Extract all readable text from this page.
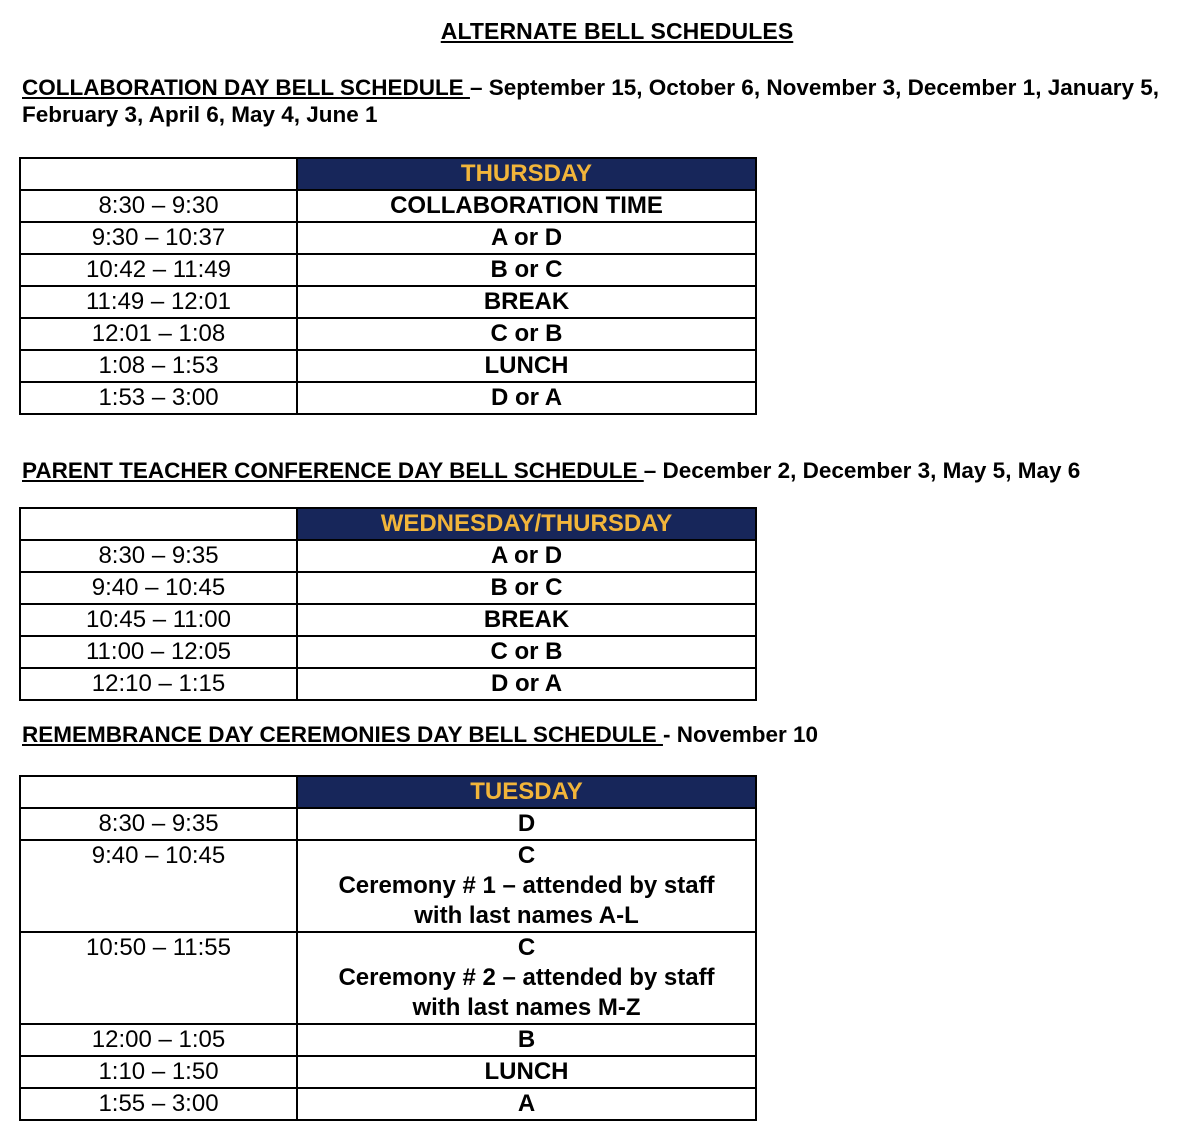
ALTERNATE BELL SCHEDULES
COLLABORATION DAY BELL SCHEDULE – September 15, October 6, November 3, December 1, January 5, February 3, April 6, May 4, June 1
	THURSDAY
8:30 – 9:30	COLLABORATION TIME
9:30 – 10:37	A or D
10:42 – 11:49	B or C
11:49 – 12:01	BREAK
12:01 – 1:08	C or B
1:08 – 1:53	LUNCH
1:53 – 3:00	D or A
PARENT TEACHER CONFERENCE DAY BELL SCHEDULE – December 2, December 3, May 5, May 6
	WEDNESDAY/THURSDAY
8:30 – 9:35	A or D
9:40 – 10:45	B or C
10:45 – 11:00	BREAK
11:00 – 12:05	C or B
12:10 – 1:15	D or A
REMEMBRANCE DAY CEREMONIES DAY BELL SCHEDULE - November 10
	TUESDAY
8:30 – 9:35	D
9:40 – 10:45	C
Ceremony # 1 – attended by staff
with last names A-L

10:50 – 11:55	C
Ceremony # 2 – attended by staff
with last names M-Z

12:00 – 1:05	B
1:10 – 1:50	LUNCH
1:55 – 3:00	A
